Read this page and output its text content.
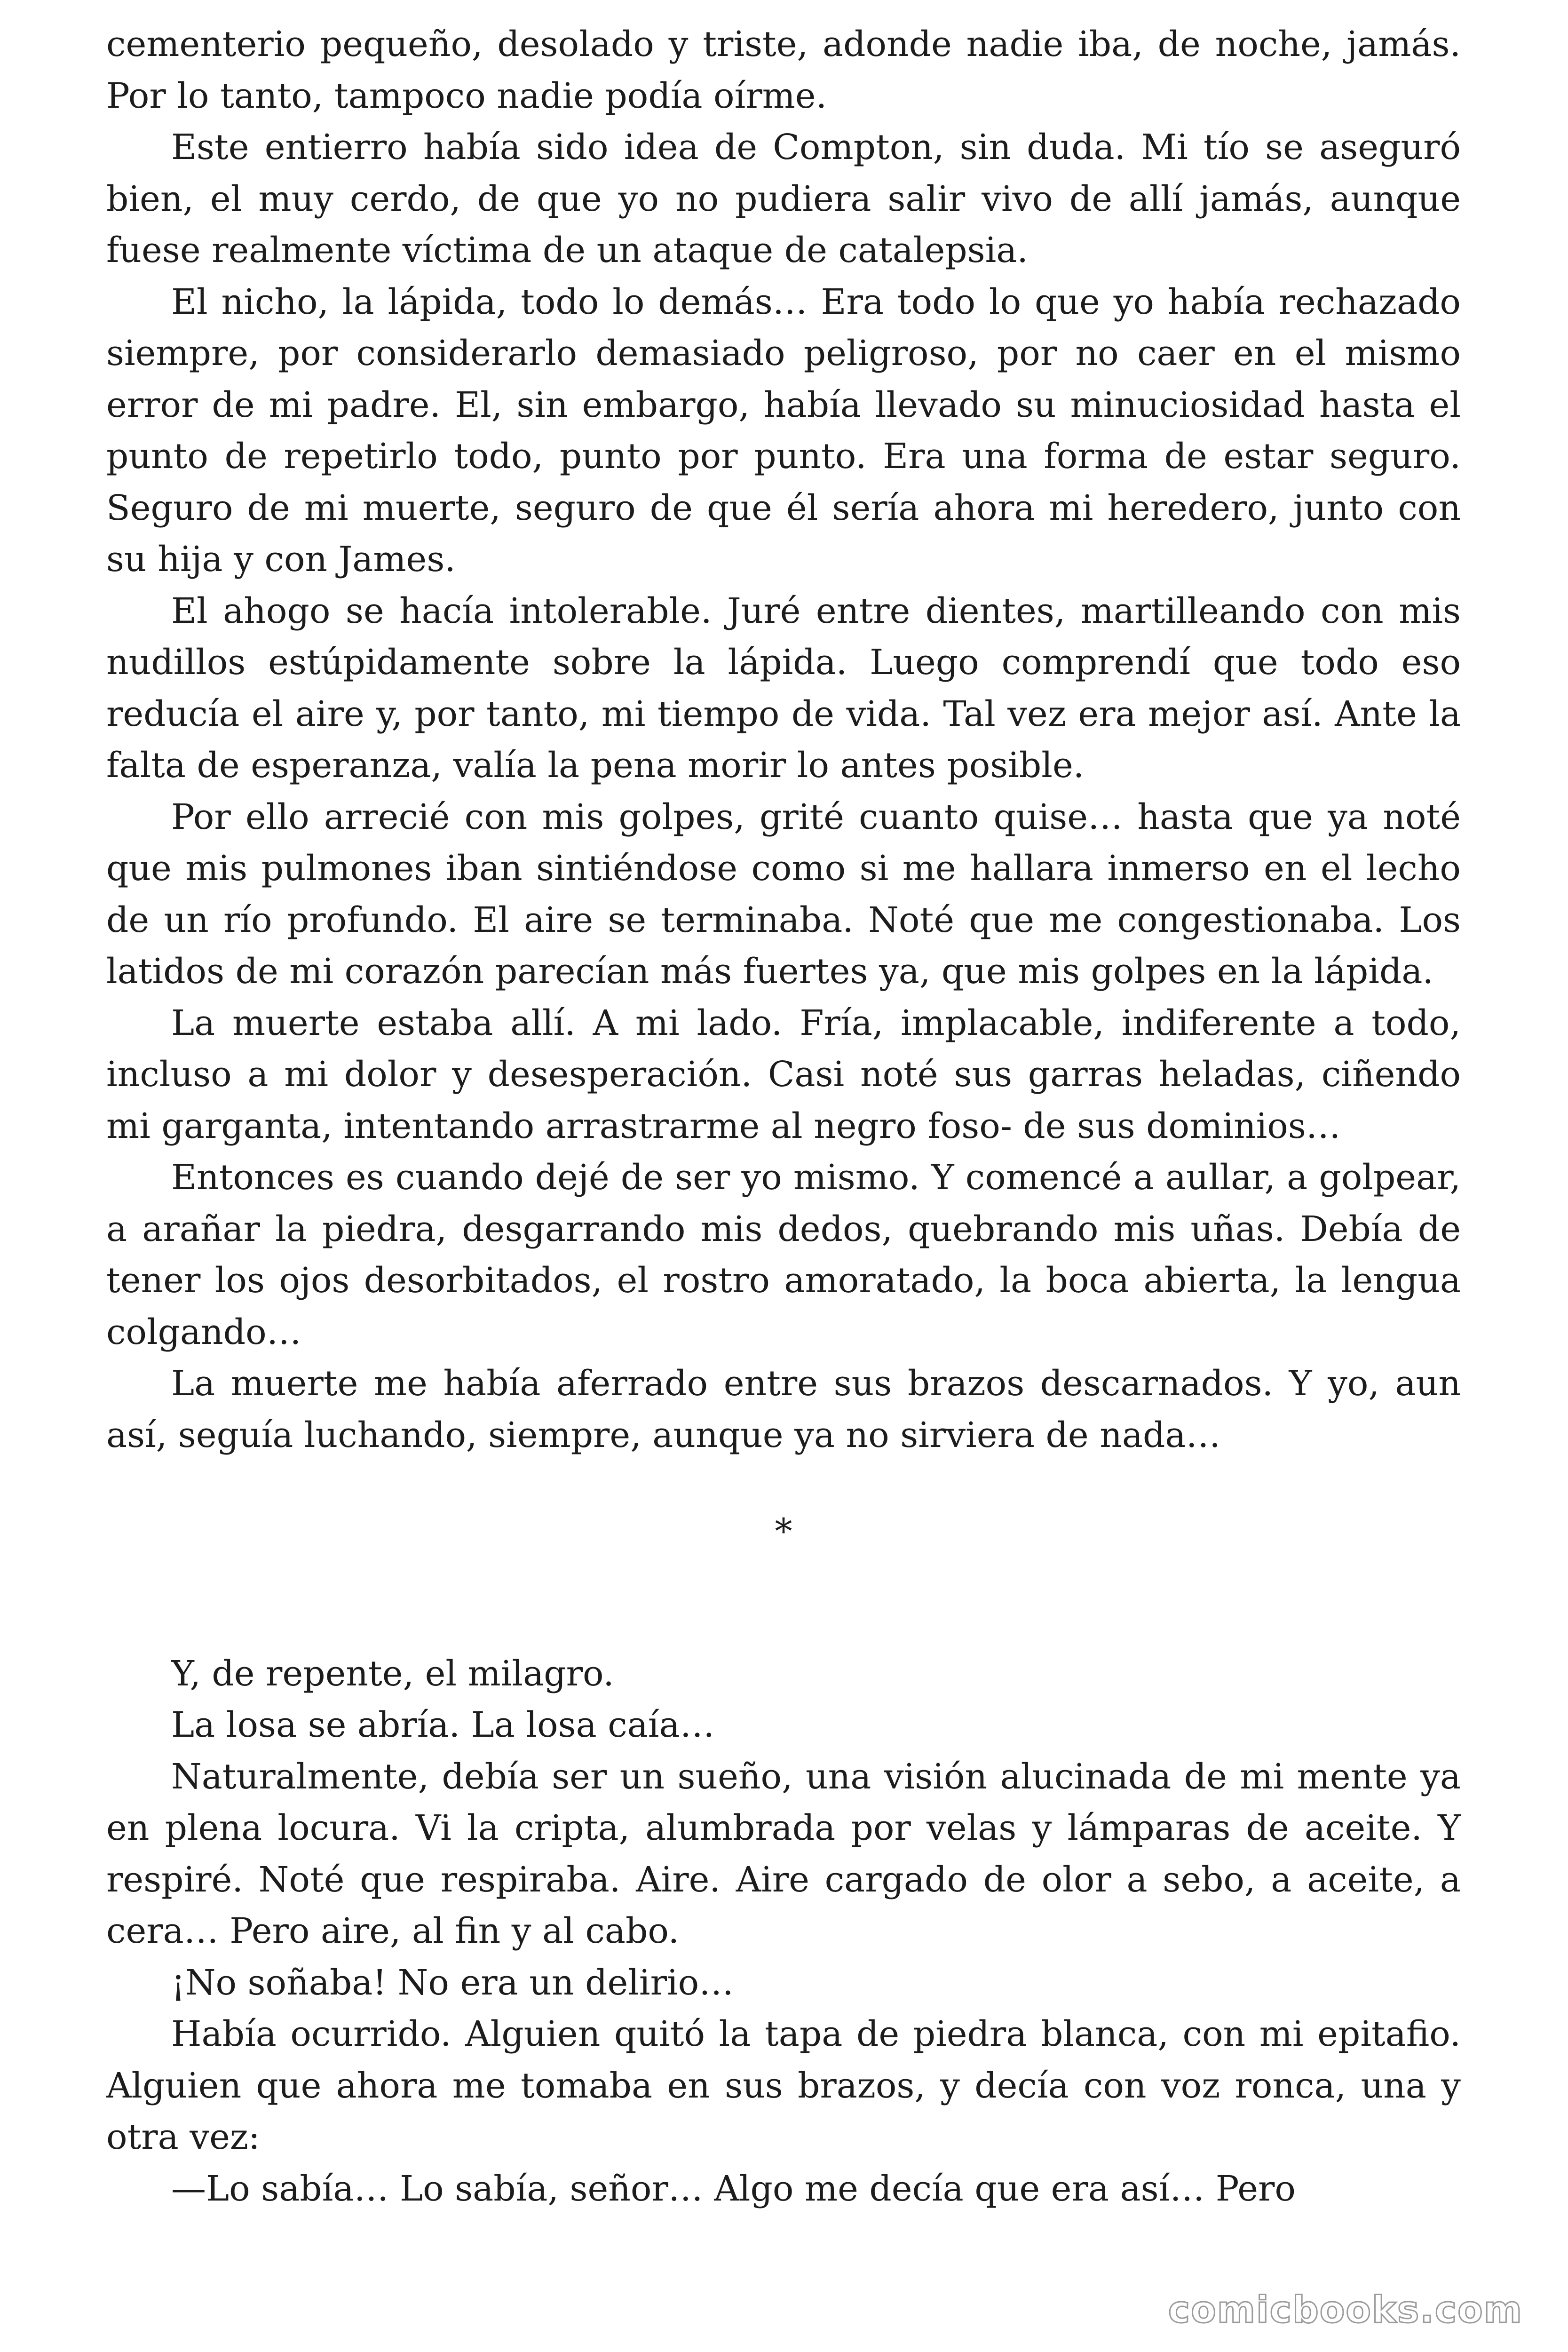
cementerio pequeño, desolado y triste, adonde nadie iba, de noche, jamás. Por lo tanto, tampoco nadie podía oírme.

Este entierro había sido idea de Compton, sin duda. Mi tío se aseguró bien, el muy cerdo, de que yo no pudiera salir vivo de allí jamás, aunque fuese realmente víctima de un ataque de catalepsia.

El nicho, la lápida, todo lo demás… Era todo lo que yo había rechazado siempre, por considerarlo demasiado peligroso, por no caer en el mismo error de mi padre. El, sin embargo, había llevado su minuciosidad hasta el punto de repetirlo todo, punto por punto. Era una forma de estar seguro. Seguro de mi muerte, seguro de que él sería ahora mi heredero, junto con su hija y con James.

El ahogo se hacía intolerable. Juré entre dientes, martilleando con mis nudillos estúpidamente sobre la lápida. Luego comprendí que todo eso reducía el aire y, por tanto, mi tiempo de vida. Tal vez era mejor así. Ante la falta de esperanza, valía la pena morir lo antes posible.

Por ello arrecié con mis golpes, grité cuanto quise… hasta que ya noté que mis pulmones iban sintiéndose como si me hallara inmerso en el lecho de un río profundo. El aire se terminaba. Noté que me congestionaba. Los latidos de mi corazón parecían más fuertes ya, que mis golpes en la lápida.

La muerte estaba allí. A mi lado. Fría, implacable, indiferente a todo, incluso a mi dolor y desesperación. Casi noté sus garras heladas, ciñendo mi garganta, intentando arrastrarme al negro foso- de sus dominios…

Entonces es cuando dejé de ser yo mismo. Y comencé a aullar, a golpear, a arañar la piedra, desgarrando mis dedos, quebrando mis uñas. Debía de tener los ojos desorbitados, el rostro amoratado, la boca abierta, la lengua colgando…

La muerte me había aferrado entre sus brazos descarnados. Y yo, aun así, seguía luchando, siempre, aunque ya no sirviera de nada…

*

Y, de repente, el milagro.

La losa se abría. La losa caía…

Naturalmente, debía ser un sueño, una visión alucinada de mi mente ya en plena locura. Vi la cripta, alumbrada por velas y lámparas de aceite. Y respiré. Noté que respiraba. Aire. Aire cargado de olor a sebo, a aceite, a cera… Pero aire, al fin y al cabo.

¡No soñaba! No era un delirio…

Había ocurrido. Alguien quitó la tapa de piedra blanca, con mi epitafio. Alguien que ahora me tomaba en sus brazos, y decía con voz ronca, una y otra vez:

—Lo sabía… Lo sabía, señor… Algo me decía que era así… Pero

comicbooks.com
